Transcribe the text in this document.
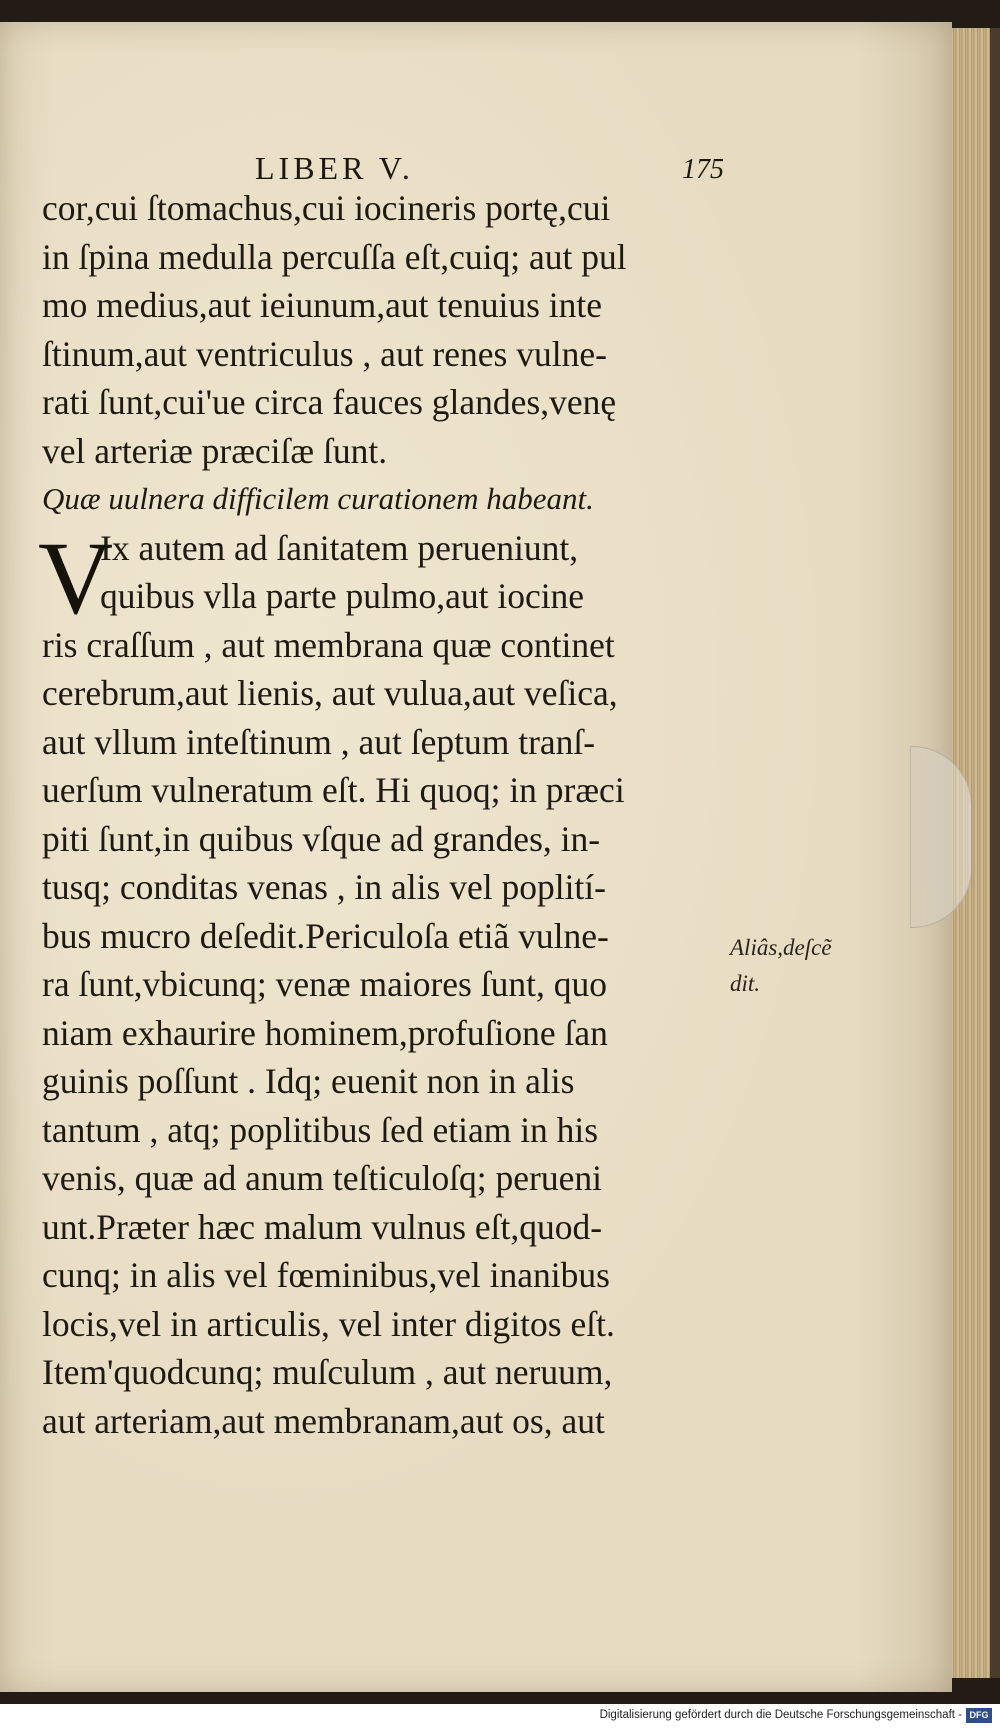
LIBER V.	175
cor,cui ſtomachus,cui iocineris portę,cui
in ſpina medulla percuſſa eſt,cuiq; aut pul
mo medius,aut ieiunum,aut tenuius inte
ſtinum,aut ventriculus , aut renes vulne-
rati ſunt,cui'ue circa fauces glandes,venę
vel arteriæ præciſæ ſunt.
Quæ uulnera difficilem curationem habeant.
V
Ix autem ad ſanitatem perueniunt,
quibus vlla parte pulmo,aut iocine
ris craſſum , aut membrana quæ continet
cerebrum,aut lienis, aut vulua,aut veſica,
aut vllum inteſtinum , aut ſeptum tranſ-
uerſum vulneratum eſt. Hi quoq; in præci
piti ſunt,in quibus vſque ad grandes, in-
tusq; conditas venas , in alis vel poplití-
bus mucro deſedit.Periculoſa etiã vulne-
ra ſunt,vbicunq; venæ maiores ſunt, quo
niam exhaurire hominem,profuſione ſan
guinis poſſunt . Idq; euenit non in alis
tantum , atq; poplitibus ſed etiam in his
venis, quæ ad anum teſticuloſq; perueni
unt.Præter hæc malum vulnus eſt,quod-
cunq; in alis vel fœminibus,vel inanibus
locis,vel in articulis, vel inter digitos eſt.
Item'quodcunq; muſculum , aut neruum,
aut arteriam,aut membranam,aut os, aut
Aliâs,deſcẽ
dit.
Digitalisierung gefördert durch die Deutsche Forschungsgemeinschaft - DFG
